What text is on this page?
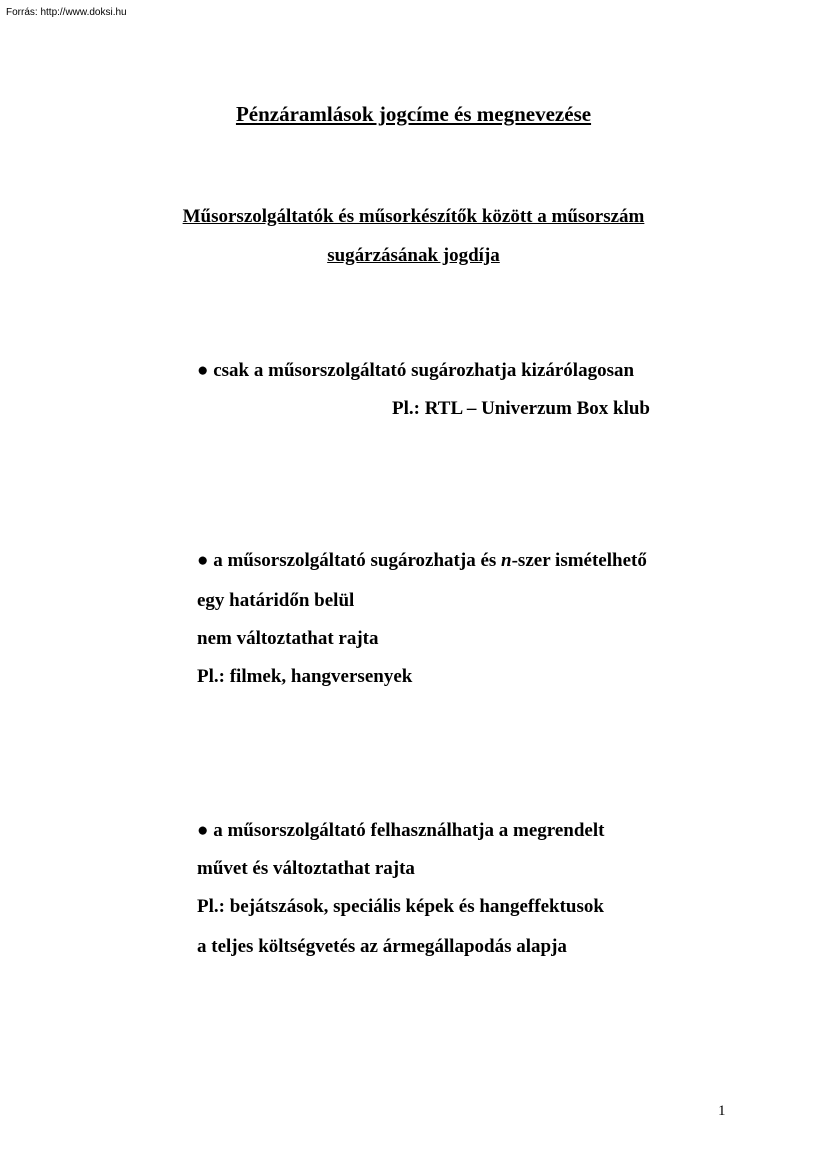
Forrás: http://www.doksi.hu
Pénzáramlások jogcíme és megnevezése
Műsorszolgáltatók és műsorkészítők között a műsorszám
sugárzásának jogdíja
● csak a műsorszolgáltató sugározhatja kizárólagosan
Pl.: RTL – Univerzum Box klub
● a műsorszolgáltató sugározhatja és n-szer ismételhető
egy határidőn belül
nem változtathat rajta
Pl.: filmek, hangversenyek
● a műsorszolgáltató felhasználhatja a megrendelt
művet és változtathat rajta
Pl.: bejátszások, speciális képek és hangeffektusok
a teljes költségvetés az ármegállapodás alapja
1
